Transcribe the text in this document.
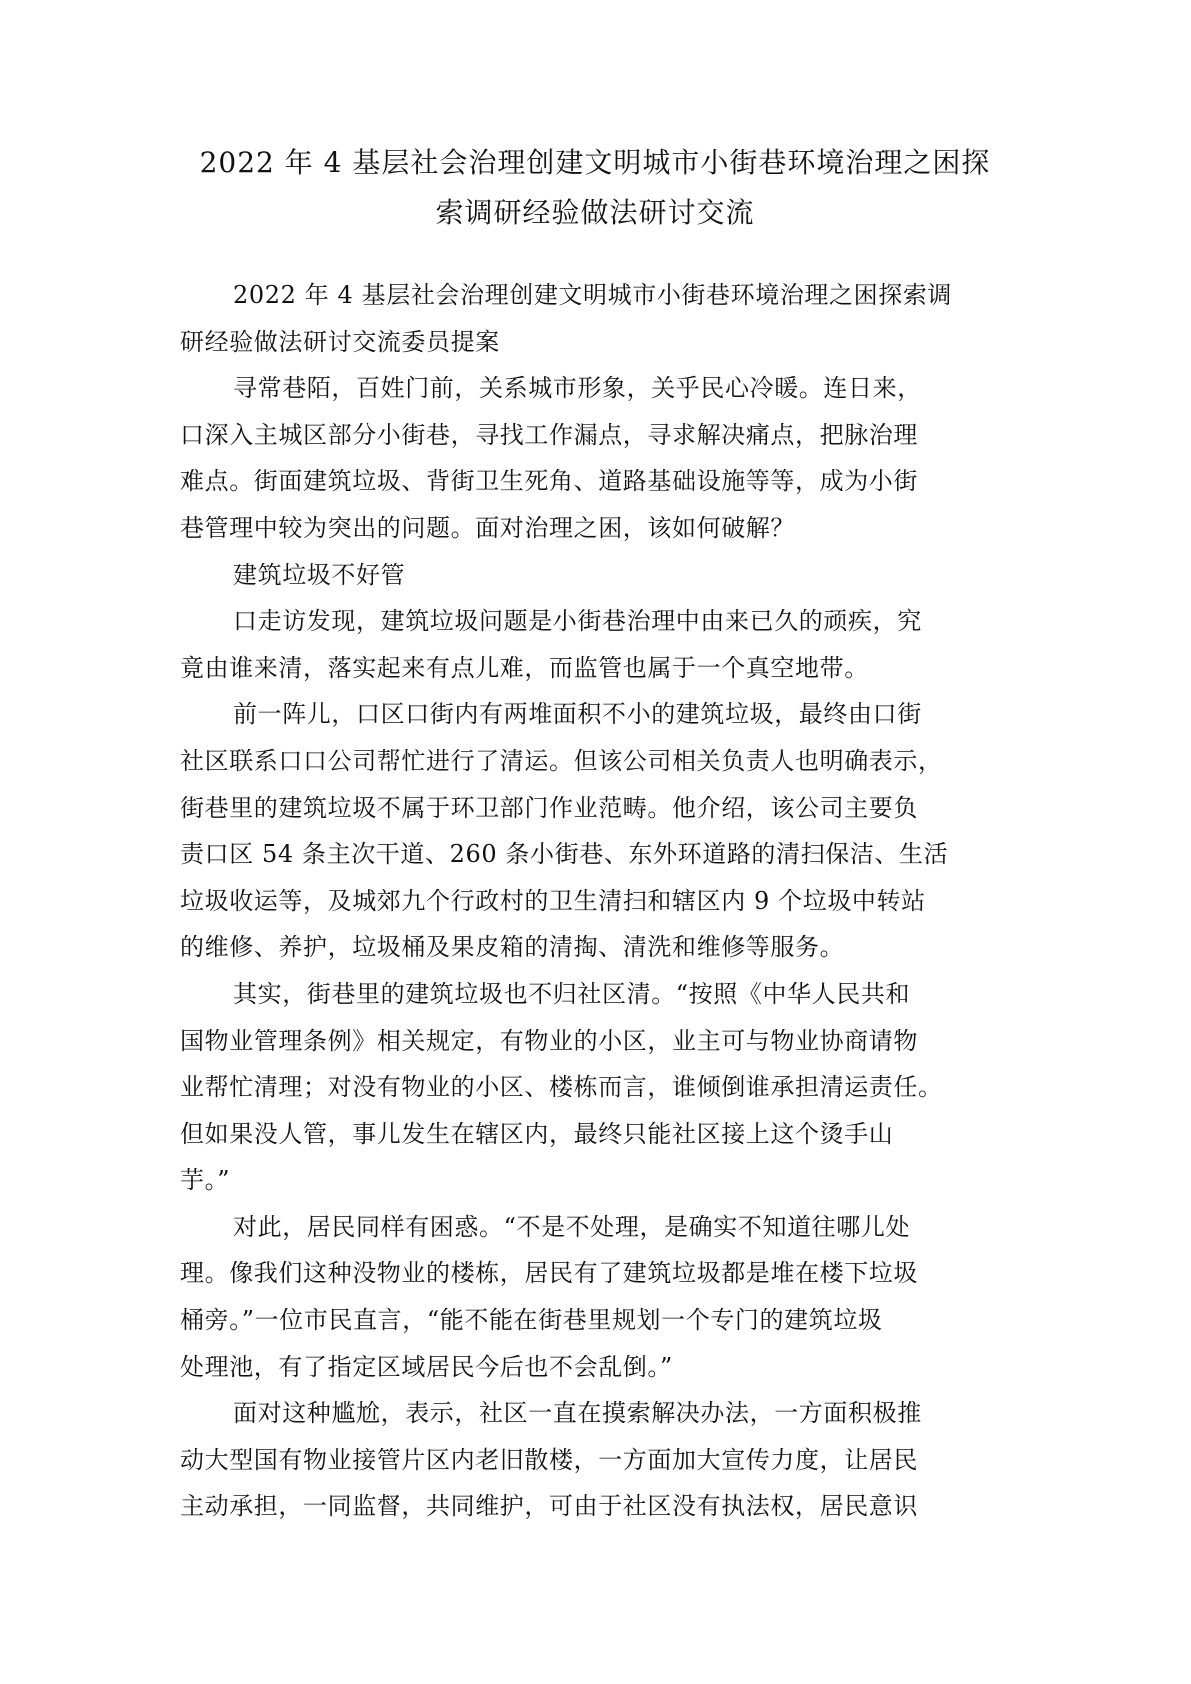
2022 年 4 基层社会治理创建文明城市小街巷环境治理之困探
索调研经验做法研讨交流

2022 年 4 基层社会治理创建文明城市小街巷环境治理之困探索调
研经验做法研讨交流委员提案

寻常巷陌，百姓门前，关系城市形象，关乎民心冷暖。连日来，
口深入主城区部分小街巷，寻找工作漏点，寻求解决痛点，把脉治理
难点。街面建筑垃圾、背街卫生死角、道路基础设施等等，成为小街
巷管理中较为突出的问题。面对治理之困，该如何破解？

建筑垃圾不好管

口走访发现，建筑垃圾问题是小街巷治理中由来已久的顽疾，究
竟由谁来清，落实起来有点儿难，而监管也属于一个真空地带。

前一阵儿，口区口街内有两堆面积不小的建筑垃圾，最终由口街
社区联系口口公司帮忙进行了清运。但该公司相关负责人也明确表示，
街巷里的建筑垃圾不属于环卫部门作业范畴。他介绍，该公司主要负
责口区 54 条主次干道、260 条小街巷、东外环道路的清扫保洁、生活
垃圾收运等，及城郊九个行政村的卫生清扫和辖区内 9 个垃圾中转站
的维修、养护，垃圾桶及果皮箱的清掏、清洗和维修等服务。

其实，街巷里的建筑垃圾也不归社区清。“按照《中华人民共和
国物业管理条例》相关规定，有物业的小区，业主可与物业协商请物
业帮忙清理；对没有物业的小区、楼栋而言，谁倾倒谁承担清运责任。
但如果没人管，事儿发生在辖区内，最终只能社区接上这个烫手山
芋。”

对此，居民同样有困惑。“不是不处理，是确实不知道往哪儿处
理。像我们这种没物业的楼栋，居民有了建筑垃圾都是堆在楼下垃圾
桶旁。”一位市民直言，“能不能在街巷里规划一个专门的建筑垃圾
处理池，有了指定区域居民今后也不会乱倒。”

面对这种尴尬，表示，社区一直在摸索解决办法，一方面积极推
动大型国有物业接管片区内老旧散楼，一方面加大宣传力度，让居民
主动承担，一同监督，共同维护，可由于社区没有执法权，居民意识
